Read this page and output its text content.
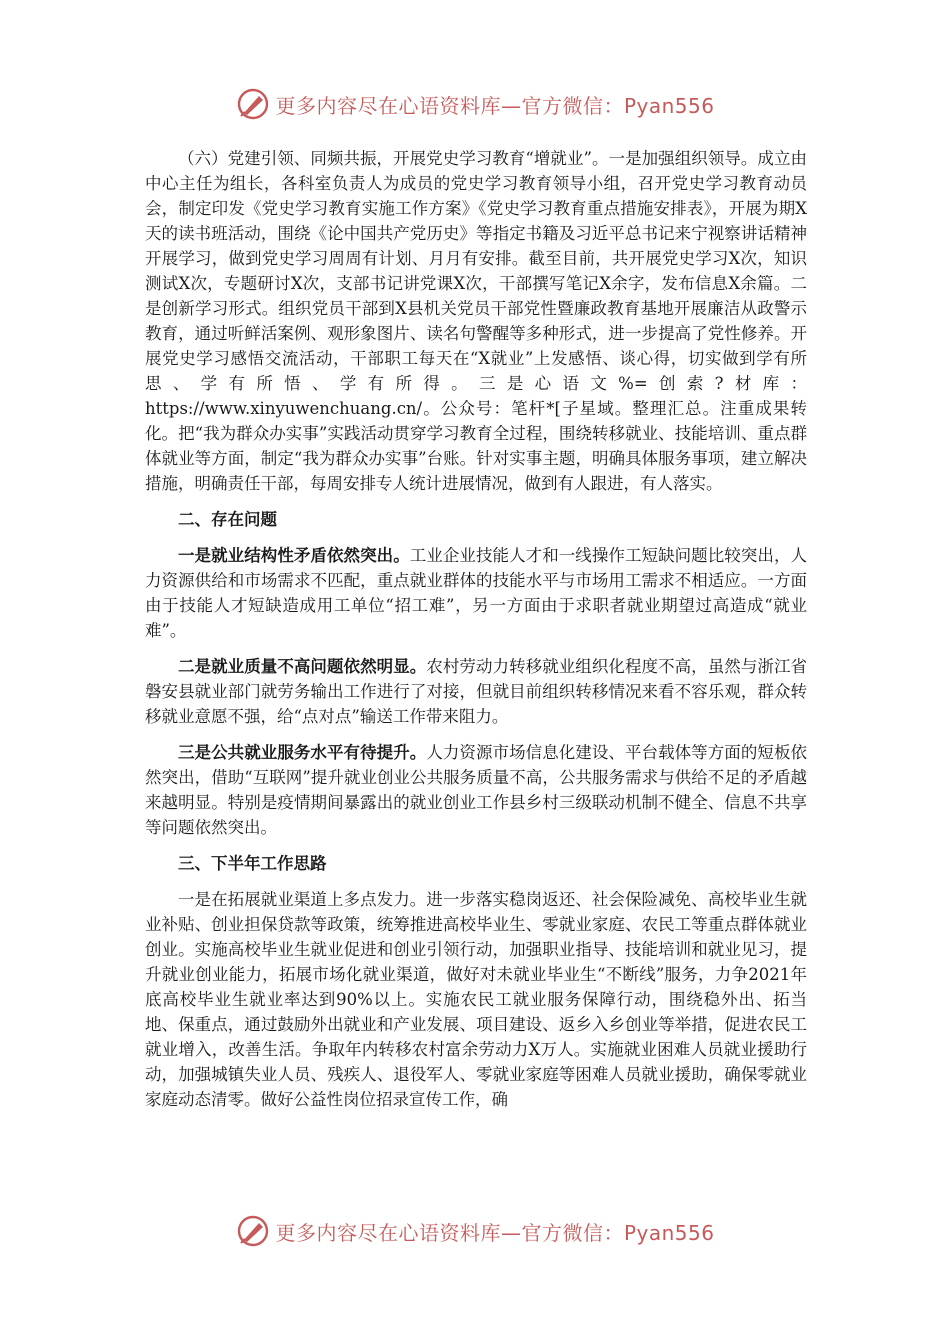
更多内容尽在心语资料库—官方微信：Pyan556

（六）党建引领、同频共振，开展党史学习教育“增就业”。一是加强组织领导。成立由中心主任为组长，各科室负责人为成员的党史学习教育领导小组，召开党史学习教育动员会，制定印发《党史学习教育实施工作方案》《党史学习教育重点措施安排表》，开展为期X天的读书班活动，围绕《论中国共产党历史》等指定书籍及习近平总书记来宁视察讲话精神开展学习，做到党史学习周周有计划、月月有安排。截至目前，共开展党史学习X次，知识测试X次，专题研讨X次，支部书记讲党课X次，干部撰写笔记X余字，发布信息X余篇。二是创新学习形式。组织党员干部到X县机关党员干部党性暨廉政教育基地开展廉洁从政警示教育，通过听鲜活案例、观形象图片、读名句警醒等多种形式，进一步提高了党性修养。开展党史学习感悟交流活动，干部职工每天在“X就业”上发感悟、谈心得，切实做到学有所思、学有所悟、学有所得。三是心语文%=创索?材库：https://www.xinyuwenchuang.cn/。公众号：笔杆*[子星域。整理汇总。注重成果转化。把“我为群众办实事”实践活动贯穿学习教育全过程，围绕转移就业、技能培训、重点群体就业等方面，制定“我为群众办实事”台账。针对实事主题，明确具体服务事项，建立解决措施，明确责任干部，每周安排专人统计进展情况，做到有人跟进，有人落实。

二、存在问题

一是就业结构性矛盾依然突出。工业企业技能人才和一线操作工短缺问题比较突出，人力资源供给和市场需求不匹配，重点就业群体的技能水平与市场用工需求不相适应。一方面由于技能人才短缺造成用工单位“招工难”，另一方面由于求职者就业期望过高造成“就业难”。

二是就业质量不高问题依然明显。农村劳动力转移就业组织化程度不高，虽然与浙江省磐安县就业部门就劳务输出工作进行了对接，但就目前组织转移情况来看不容乐观，群众转移就业意愿不强，给“点对点”输送工作带来阻力。

三是公共就业服务水平有待提升。人力资源市场信息化建设、平台载体等方面的短板依然突出，借助“互联网”提升就业创业公共服务质量不高，公共服务需求与供给不足的矛盾越来越明显。特别是疫情期间暴露出的就业创业工作县乡村三级联动机制不健全、信息不共享等问题依然突出。

三、下半年工作思路

一是在拓展就业渠道上多点发力。进一步落实稳岗返还、社会保险减免、高校毕业生就业补贴、创业担保贷款等政策，统筹推进高校毕业生、零就业家庭、农民工等重点群体就业创业。实施高校毕业生就业促进和创业引领行动，加强职业指导、技能培训和就业见习，提升就业创业能力，拓展市场化就业渠道，做好对未就业毕业生“不断线”服务，力争2021年底高校毕业生就业率达到90%以上。实施农民工就业服务保障行动，围绕稳外出、拓当地、保重点，通过鼓励外出就业和产业发展、项目建设、返乡入乡创业等举措，促进农民工就业增入，改善生活。争取年内转移农村富余劳动力X万人。实施就业困难人员就业援助行动，加强城镇失业人员、残疾人、退役军人、零就业家庭等困难人员就业援助，确保零就业家庭动态清零。做好公益性岗位招录宣传工作，确

更多内容尽在心语资料库—官方微信：Pyan556
